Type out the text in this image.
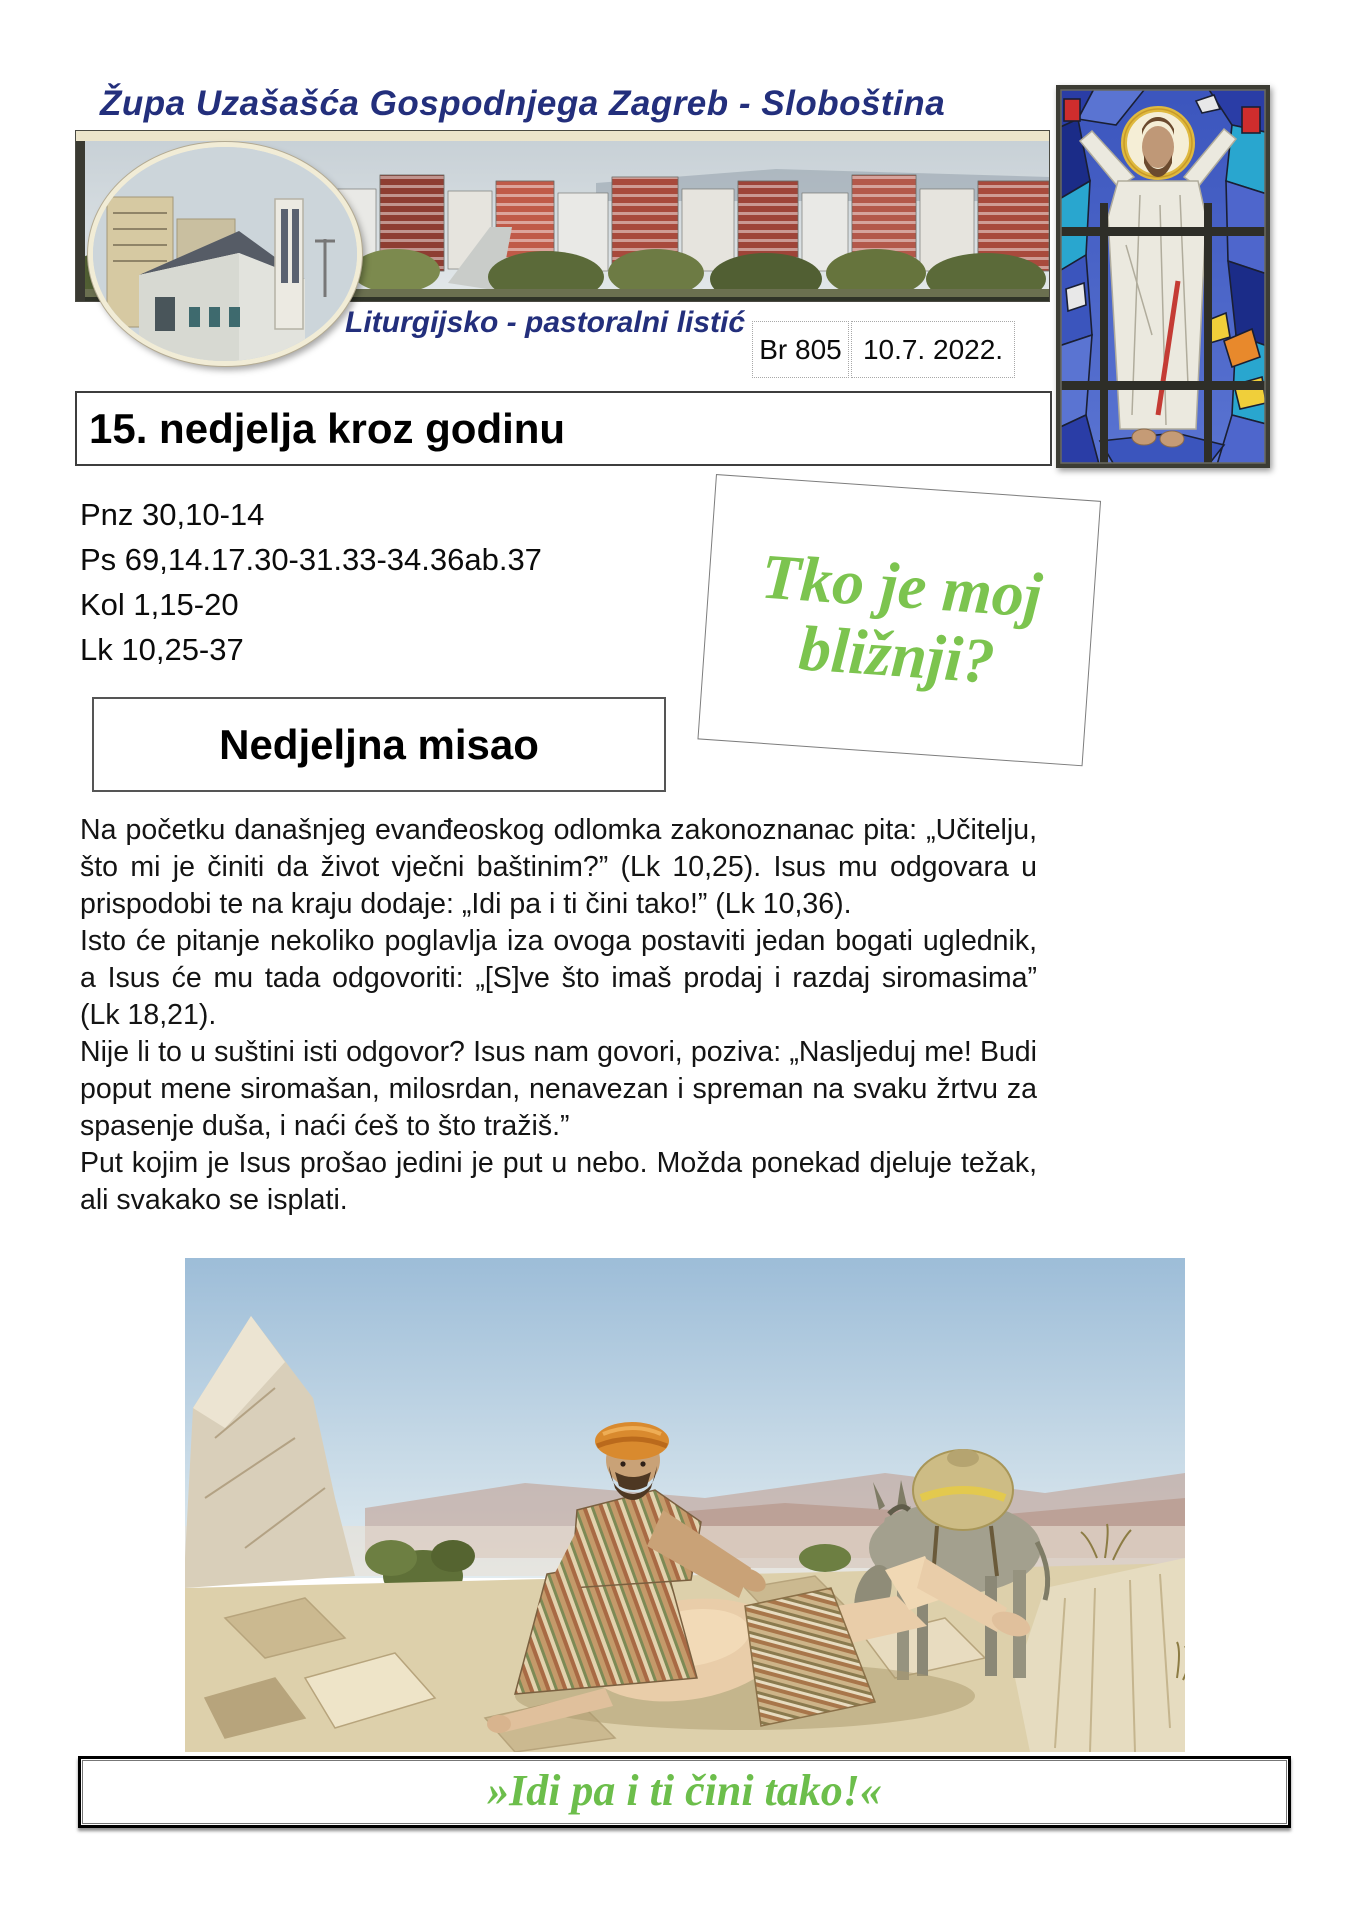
Župa Uzašašća Gospodnjega Zagreb - Sloboština
Liturgijsko - pastoralni listić
Br 805 10.7. 2022.
15. nedjelja kroz godinu
Pnz 30,10-14
Ps 69,14.17.30-31.33-34.36ab.37
Kol 1,15-20
Lk 10,25-37
Tko je moj
bližnji?
Nedjeljna misao

Na početku današnjeg evanđeoskog odlomka zakonoznanac pita: „Učitelju, što mi je činiti da život vječni baštinim?” (Lk 10,25). Isus mu odgovara u prispodobi te na kraju dodaje: „Idi pa i ti čini tako!” (Lk 10,36).

Isto će pitanje nekoliko poglavlja iza ovoga postaviti jedan bogati uglednik, a Isus će mu tada odgovoriti: „[S]ve što imaš prodaj i razdaj siromasima” (Lk 18,21).

Nije li to u suštini isti odgovor? Isus nam govori, poziva: „Nasljeduj me! Budi poput mene siromašan, milosrdan, nenavezan i spreman na svaku žrtvu za spasenje duša, i naći ćeš to što tražiš.”

Put kojim je Isus prošao jedini je put u nebo. Možda ponekad djeluje težak, ali svakako se isplati.

»Idi pa i ti čini tako!«
